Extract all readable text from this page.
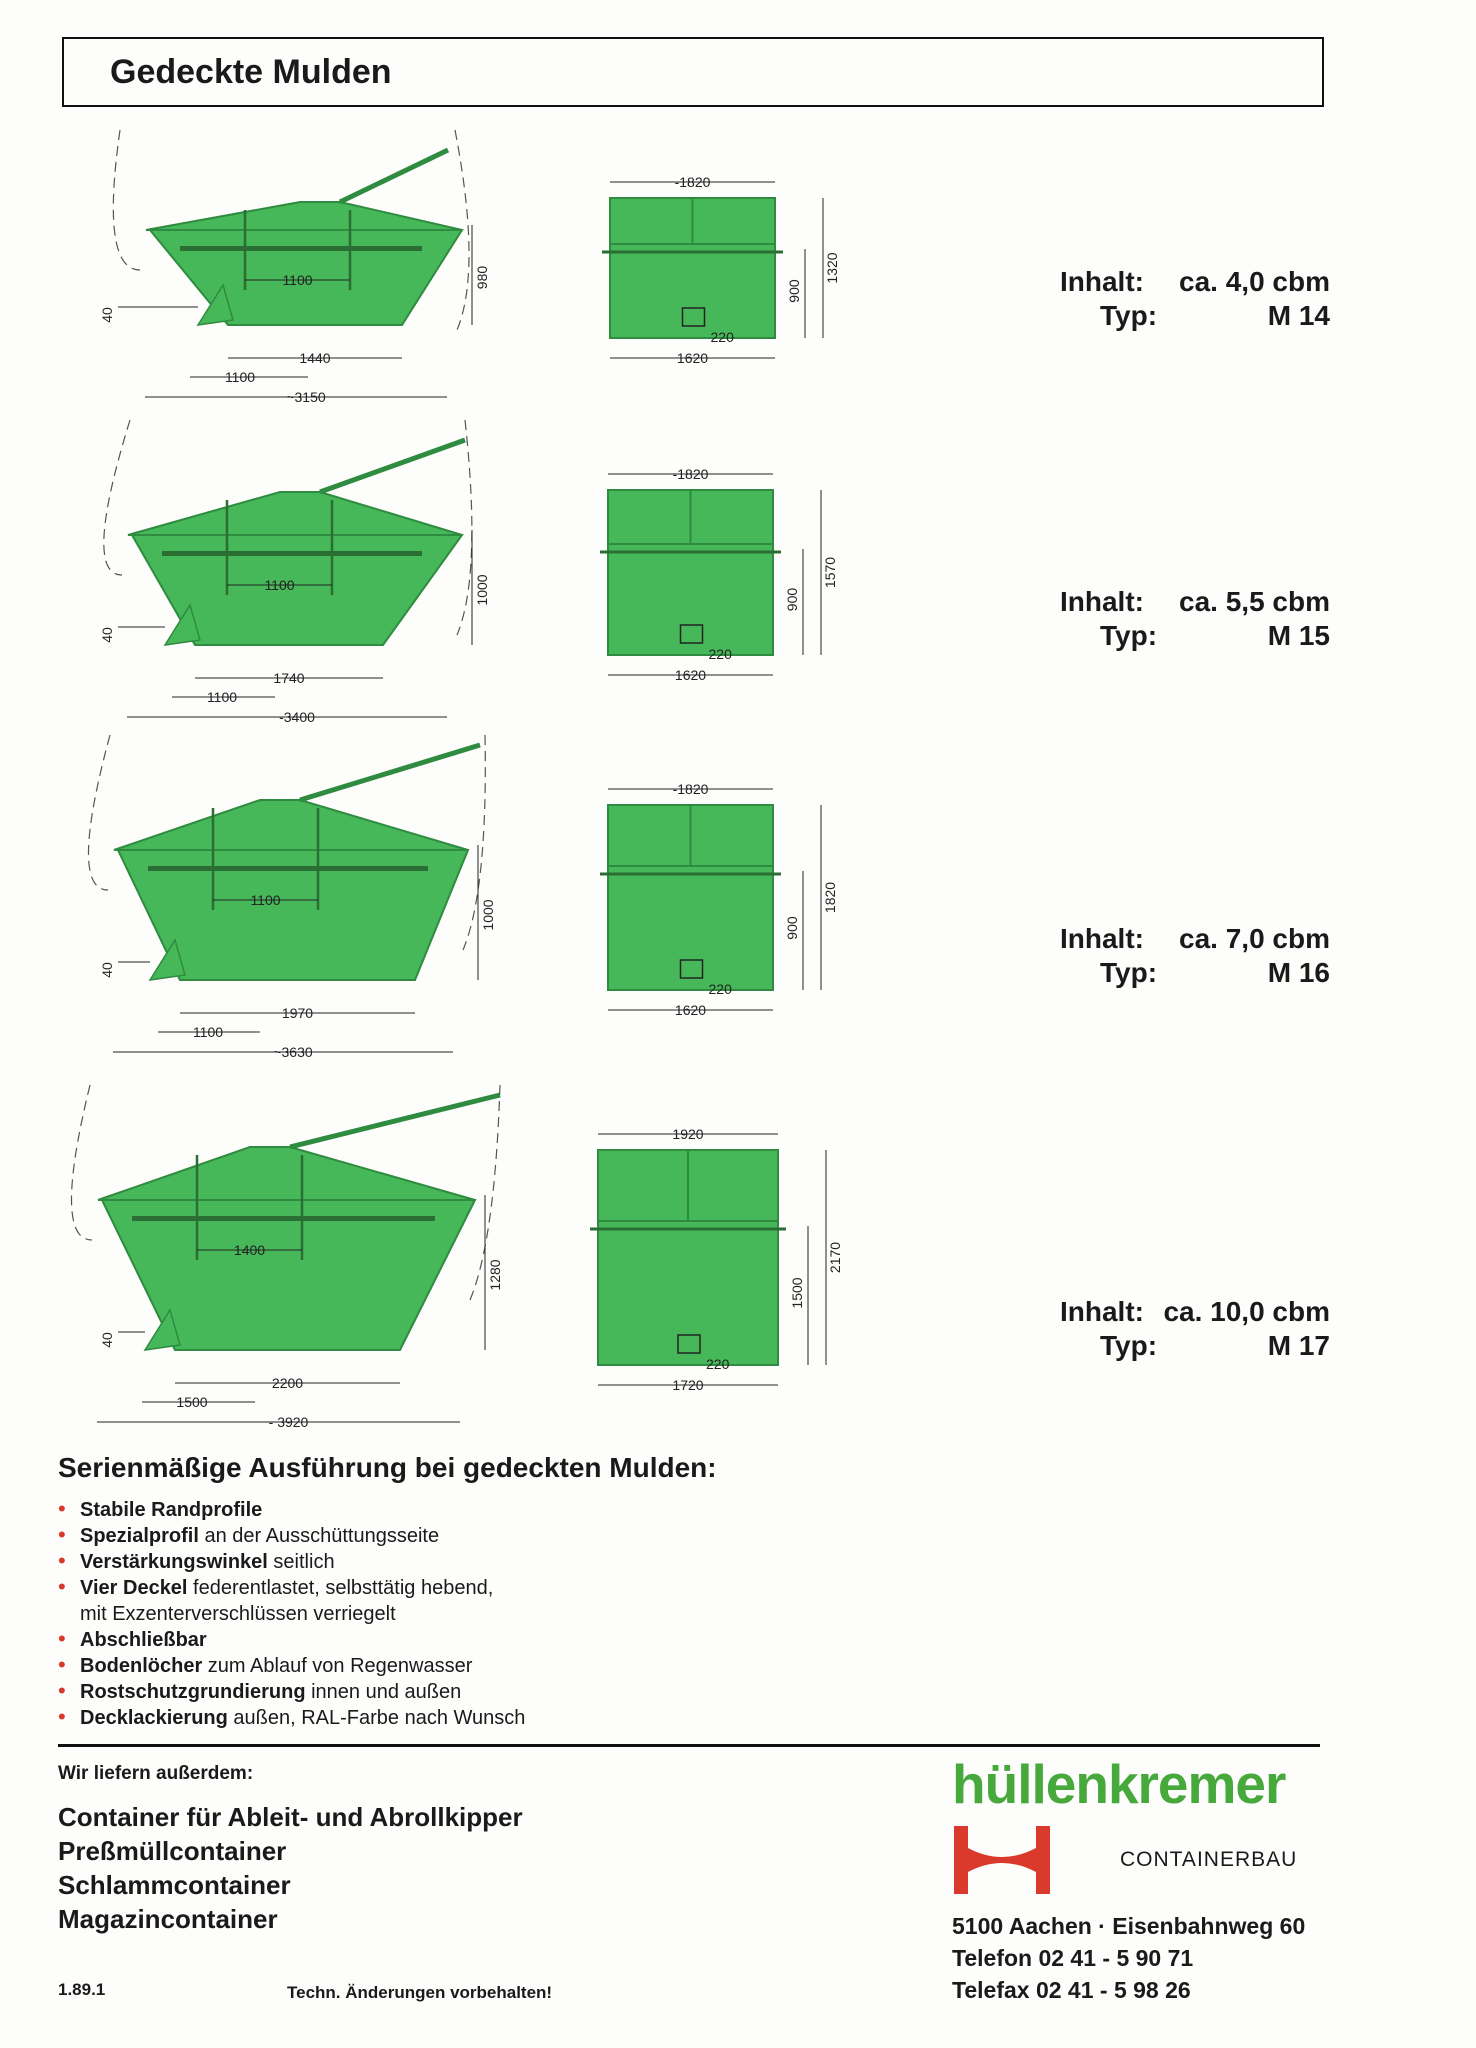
Gedeckte Mulden
1100	980
40
1440
1100
~3150
-1820
1620
220
900
1320
1100	1000
40
1740
1100
-3400
-1820
1620
220
900
1570
1100	1000
40
1970
1100
~3630
-1820
1620
220
900
1820
1400
1280
40
2200
1500
- 3920
1920
1720
220
1500
2170
Serienmäßige Ausführung bei gedeckten Mulden:
• Stabile Randprofile
• Spezialprofil an der Ausschüttungsseite
• Verstärkungswinkel seitlich
• Vier Deckel federentlastet, selbsttätig hebend,
mit Exzenterverschlüssen verriegelt
• Abschließbar
• Bodenlöcher zum Ablauf von Regenwasser
• Rostschutzgrundierung innen und außen
• Decklackierung außen, RAL-Farbe nach Wunsch
Wir liefern außerdem:
Container für Ableit- und Abrollkipper
Preßmüllcontainer
Schlammcontainer
Magazincontainer
hüllenkremer
CONTAINERBAU
5100 Aachen · Eisenbahnweg 60
Telefon 02 41 - 5 90 71
Telefax 02 41 - 5 98 26
1.89.1	Techn. Änderungen vorbehalten!
Inhalt: ca. 4,0 cbm
Typ:	M 14
Inhalt: ca. 5,5 cbm
Typ:	M 15
Inhalt: ca. 7,0 cbm
Typ:	M 16
Inhalt: ca. 10,0 cbm
Typ:	M 17
